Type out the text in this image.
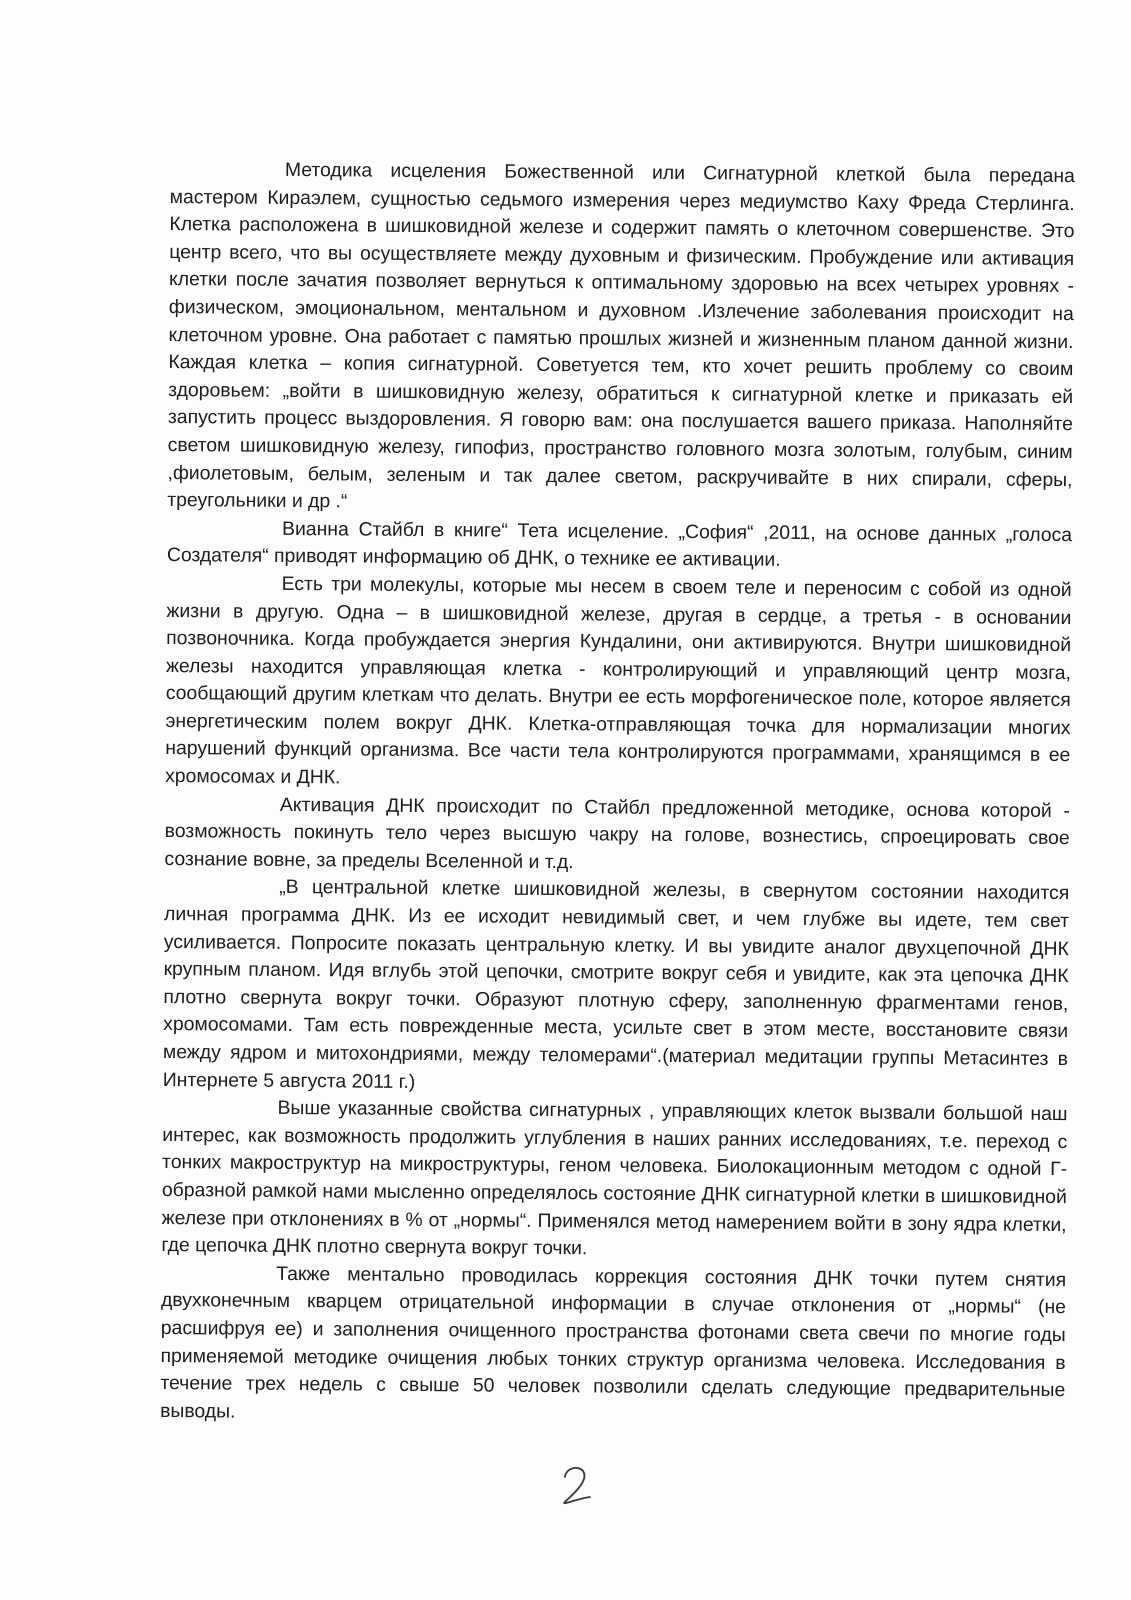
Методика исцеления Божественной или Сигнатурной клеткой была передана мастером Кираэлем, сущностью седьмого измерения через медиумство Каху Фреда Стерлинга. Клетка расположена в шишковидной железе и содержит память о клеточном совершенстве. Это центр всего, что вы осуществляете между духовным и физическим. Пробуждение или активация клетки после зачатия позволяет вернуться к оптимальному здоровью на всех четырех уровнях - физическом, эмоциональном, ментальном и духовном .Излечение заболевания происходит на клеточном уровне. Она работает с памятью прошлых жизней и жизненным планом данной жизни. Каждая клетка – копия сигнатурной. Советуется тем, кто хочет решить проблему со своим здоровьем: „войти в шишковидную железу, обратиться к сигнатурной клетке и приказать ей запустить процесс выздоровления. Я говорю вам: она послушается вашего приказа. Наполняйте светом шишковидную железу, гипофиз, пространство головного мозга золотым, голубым, синим ,фиолетовым, белым, зеленым и так далее светом, раскручивайте в них спирали, сферы, треугольники и др .“

Вианна Стайбл в книге“ Тета исцеление. „София“ ,2011, на основе данных „голоса Создателя“ приводят информацию об ДНК, о технике ее активации.

Есть три молекулы, которые мы несем в своем теле и переносим с собой из одной жизни в другую. Одна – в шишковидной железе, другая в сердце, а третья - в основании позвоночника. Когда пробуждается энергия Кундалини, они активируются. Внутри шишковидной железы находится управляющая клетка - контролирующий и управляющий центр мозга, сообщающий другим клеткам что делать. Внутри ее есть морфогеническое поле, которое является энергетическим полем вокруг ДНК. Клетка-отправляющая точка для нормализации многих нарушений функций организма. Все части тела контролируются программами, хранящимся в ее хромосомах и ДНК.

Активация ДНК происходит по Стайбл предложенной методике, основа которой - возможность покинуть тело через высшую чакру на голове, вознестись, спроецировать свое сознание вовне, за пределы Вселенной и т.д.

„В центральной клетке шишковидной железы, в свернутом состоянии находится личная программа ДНК. Из ее исходит невидимый свет, и чем глубже вы идете, тем свет усиливается. Попросите показать центральную клетку. И вы увидите аналог двухцепочной ДНК крупным планом. Идя вглубь этой цепочки, смотрите вокруг себя и увидите, как эта цепочка ДНК плотно свернута вокруг точки. Образуют плотную сферу, заполненную фрагментами генов, хромосомами. Там есть поврежденные места, усильте свет в этом месте, восстановите связи между ядром и митохондриями, между теломерами“.(материал медитации группы Метасинтез в Интернете 5 августа 2011 г.)

Выше указанные свойства сигнатурных , управляющих клеток вызвали большой наш интерес, как возможность продолжить углубления в наших ранних исследованиях, т.е. переход с тонких макроструктур на микроструктуры, геном человека. Биолокационным методом с одной Г-образной рамкой нами мысленно определялось состояние ДНК сигнатурной клетки в шишковидной железе при отклонениях в % от „нормы“. Применялся метод намерением войти в зону ядра клетки, где цепочка ДНК плотно свернута вокруг точки.

Также ментально проводилась коррекция состояния ДНК точки путем снятия двухконечным кварцем отрицательной информации в случае отклонения от „нормы“ (не расшифруя ее) и заполнения очищенного пространства фотонами света свечи по многие годы применяемой методике очищения любых тонких структур организма человека. Исследования в течение трех недель с свыше 50 человек позволили сделать следующие предварительные выводы.
